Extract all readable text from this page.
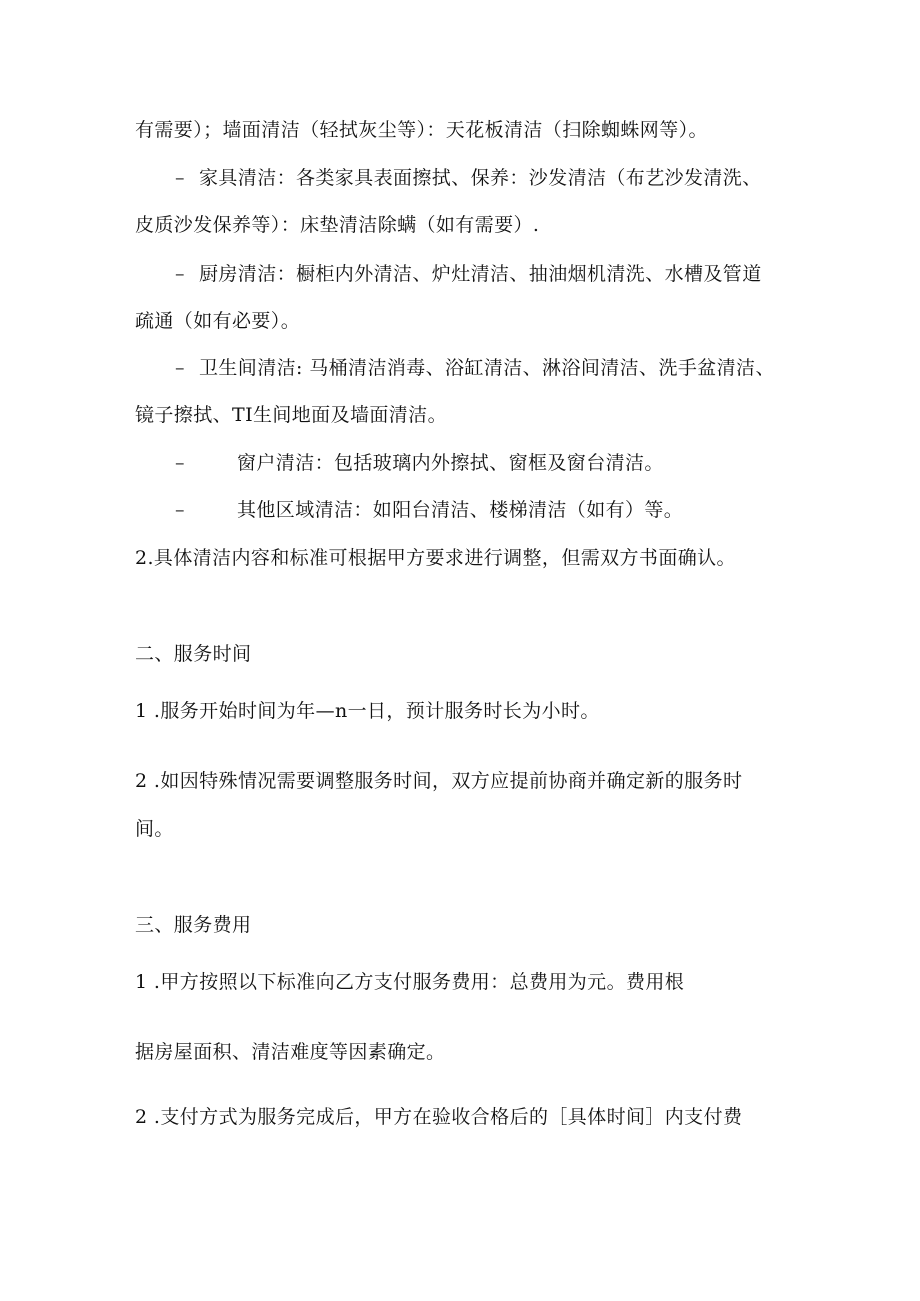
有需要）；墙面清洁（轻拭灰尘等）：天花板清洁（扫除蜘蛛网等）。
– 家具清洁：各类家具表面擦拭、保养：沙发清洁（布艺沙发清洗、
皮质沙发保养等）：床垫清洁除螨（如有需要）.
– 厨房清洁：橱柜内外清洁、炉灶清洁、抽油烟机清洗、水槽及管道
疏通（如有必要）。
– 卫生间清洁: 马桶清洁消毒、浴缸清洁、淋浴间清洁、洗手盆清洁、
镜子擦拭、TI生间地面及墙面清洁。
–	窗户清洁：包括玻璃内外擦拭、窗框及窗台清洁。
–	其他区域清洁：如阳台清洁、楼梯清洁（如有）等。
2.具体清洁内容和标准可根据甲方要求进行调整，但需双方书面确认。
二、服务时间
1 .服务开始时间为年—n一日，预计服务时长为小时。
2 .如因特殊情况需要调整服务时间，双方应提前协商并确定新的服务时
间。
三、服务费用
1 .甲方按照以下标准向乙方支付服务费用：总费用为元。费用根
据房屋面积、清洁难度等因素确定。
2 .支付方式为服务完成后，甲方在验收合格后的［具体时间］内支付费
